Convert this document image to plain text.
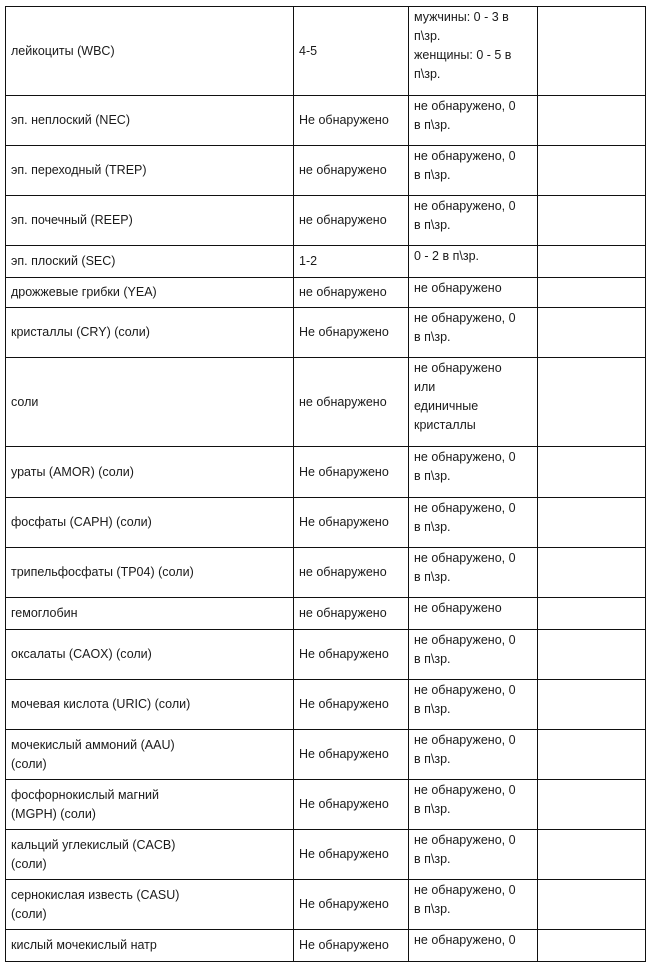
лейкоциты (WBC)	4-5	мужчины: 0 - 3 в
п\зр.
женщины: 0 - 5 в
п\зр.	
эп. неплоский (NEC)	Не обнаружено	не обнаружено, 0
в п\зр.	
эп. переходный (TREP)	не обнаружено	не обнаружено, 0
в п\зр.	
эп. почечный (REEP)	не обнаружено	не обнаружено, 0
в п\зр.	
эп. плоский (SEC)	1-2	0 - 2 в п\зр.	
дрожжевые грибки (YEA)	не обнаружено	не обнаружено	
кристаллы (CRY) (соли)	Не обнаружено	не обнаружено, 0
в п\зр.	
соли	не обнаружено	не обнаружено
или
единичные
кристаллы	
ураты (AMOR) (соли)	Не обнаружено	не обнаружено, 0
в п\зр.	
фосфаты (CAPH) (соли)	Не обнаружено	не обнаружено, 0
в п\зр.	
трипельфосфаты (TP04) (соли)	не обнаружено	не обнаружено, 0
в п\зр.	
гемоглобин	не обнаружено	не обнаружено	
оксалаты (CAOX) (соли)	Не обнаружено	не обнаружено, 0
в п\зр.	
мочевая кислота (URIC) (соли)	Не обнаружено	не обнаружено, 0
в п\зр.	
мочекислый аммоний (AAU)
(соли)	Не обнаружено	не обнаружено, 0
в п\зр.	
фосфорнокислый магний
(MGPH) (соли)	Не обнаружено	не обнаружено, 0
в п\зр.	
кальций углекислый (CACB)
(соли)	Не обнаружено	не обнаружено, 0
в п\зр.	
сернокислая известь (CASU)
(соли)	Не обнаружено	не обнаружено, 0
в п\зр.	
кислый мочекислый натр	Не обнаружено	не обнаружено, 0	
